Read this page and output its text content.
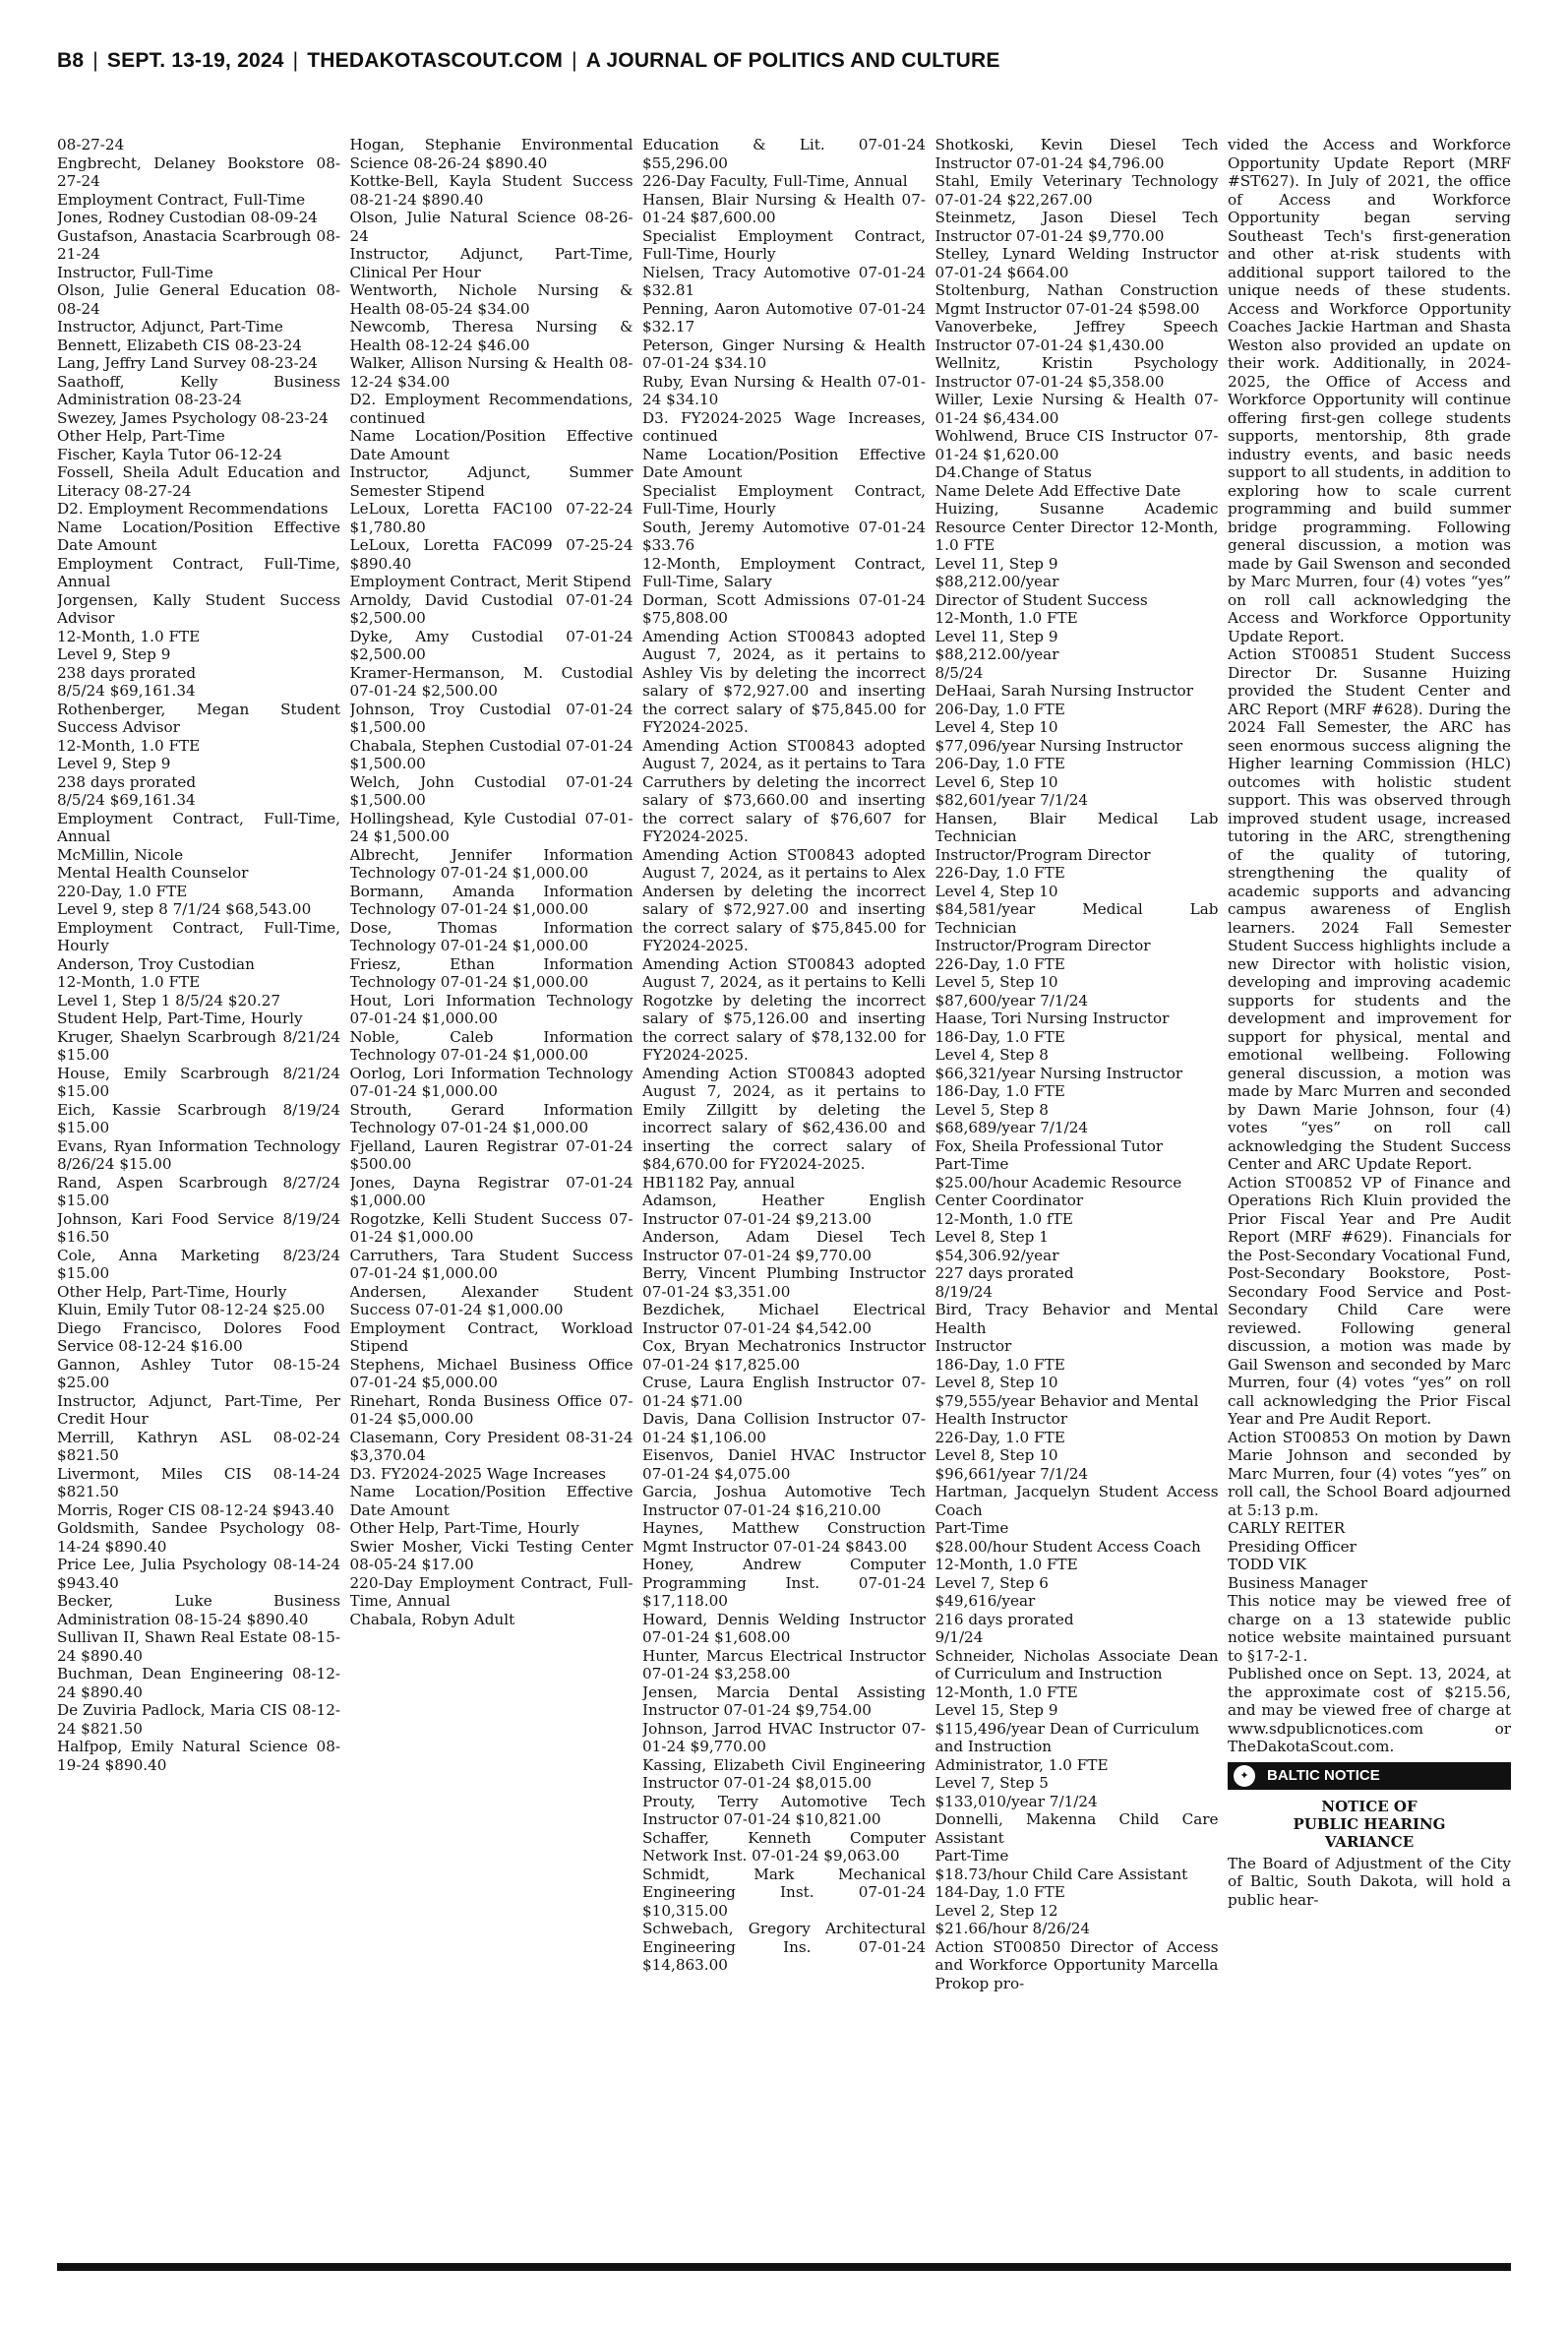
B8 | SEPT. 13-19, 2024 | THEDAKOTASCOUT.COM | A JOURNAL OF POLITICS AND CULTURE

08-27-24

Engbrecht, Delaney Bookstore 08-27-24

Employment Contract, Full-Time

Jones, Rodney Custodian 08-09-24

Gustafson, Anastacia Scarbrough 08-21-24

Instructor, Full-Time

Olson, Julie General Education 08-08-24

Instructor, Adjunct, Part-Time

Bennett, Elizabeth CIS 08-23-24

Lang, Jeffry Land Survey 08-23-24

Saathoff, Kelly Business Administration 08-23-24

Swezey, James Psychology 08-23-24

Other Help, Part-Time

Fischer, Kayla Tutor 06-12-24

Fossell, Sheila Adult Education and Literacy 08-27-24

D2. Employment Recommendations

Name Location/Position Effective Date Amount

Employment Contract, Full-Time, Annual

Jorgensen, Kally Student Success Advisor

12-Month, 1.0 FTE

Level 9, Step 9

238 days prorated

8/5/24 $69,161.34

Rothenberger, Megan Student Success Advisor

12-Month, 1.0 FTE

Level 9, Step 9

238 days prorated

8/5/24 $69,161.34

Employment Contract, Full-Time, Annual

McMillin, Nicole

Mental Health Counselor

220-Day, 1.0 FTE

Level 9, step 8 7/1/24 $68,543.00

Employment Contract, Full-Time, Hourly

Anderson, Troy Custodian

12-Month, 1.0 FTE

Level 1, Step 1 8/5/24 $20.27

Student Help, Part-Time, Hourly

Kruger, Shaelyn Scarbrough 8/21/24 $15.00

House, Emily Scarbrough 8/21/24 $15.00

Eich, Kassie Scarbrough 8/19/24 $15.00

Evans, Ryan Information Technology 8/26/24 $15.00

Rand, Aspen Scarbrough 8/27/24 $15.00

Johnson, Kari Food Service 8/19/24 $16.50

Cole, Anna Marketing 8/23/24 $15.00

Other Help, Part-Time, Hourly

Kluin, Emily Tutor 08-12-24 $25.00

Diego Francisco, Dolores Food Service 08-12-24 $16.00

Gannon, Ashley Tutor 08-15-24 $25.00

Instructor, Adjunct, Part-Time, Per Credit Hour

Merrill, Kathryn ASL 08-02-24 $821.50

Livermont, Miles CIS 08-14-24 $821.50

Morris, Roger CIS 08-12-24 $943.40

Goldsmith, Sandee Psychology 08-14-24 $890.40

Price Lee, Julia Psychology 08-14-24 $943.40

Becker, Luke Business Administration 08-15-24 $890.40

Sullivan II, Shawn Real Estate 08-15-24 $890.40

Buchman, Dean Engineering 08-12-24 $890.40

De Zuviria Padlock, Maria CIS 08-12-24 $821.50

Halfpop, Emily Natural Science 08-19-24 $890.40

Hogan, Stephanie Environmental Science 08-26-24 $890.40

Kottke-Bell, Kayla Student Success 08-21-24 $890.40

Olson, Julie Natural Science 08-26-24

Instructor, Adjunct, Part-Time, Clinical Per Hour

Wentworth, Nichole Nursing & Health 08-05-24 $34.00

Newcomb, Theresa Nursing & Health 08-12-24 $46.00

Walker, Allison Nursing & Health 08-12-24 $34.00

D2. Employment Recommendations, continued

Name Location/Position Effective Date Amount

Instructor, Adjunct, Summer Semester Stipend

LeLoux, Loretta FAC100 07-22-24 $1,780.80

LeLoux, Loretta FAC099 07-25-24 $890.40

Employment Contract, Merit Stipend

Arnoldy, David Custodial 07-01-24 $2,500.00

Dyke, Amy Custodial 07-01-24 $2,500.00

Kramer-Hermanson, M. Custodial 07-01-24 $2,500.00

Johnson, Troy Custodial 07-01-24 $1,500.00

Chabala, Stephen Custodial 07-01-24 $1,500.00

Welch, John Custodial 07-01-24 $1,500.00

Hollingshead, Kyle Custodial 07-01-24 $1,500.00

Albrecht, Jennifer Information Technology 07-01-24 $1,000.00

Bormann, Amanda Information Technology 07-01-24 $1,000.00

Dose, Thomas Information Technology 07-01-24 $1,000.00

Friesz, Ethan Information Technology 07-01-24 $1,000.00

Hout, Lori Information Technology 07-01-24 $1,000.00

Noble, Caleb Information Technology 07-01-24 $1,000.00

Oorlog, Lori Information Technology 07-01-24 $1,000.00

Strouth, Gerard Information Technology 07-01-24 $1,000.00

Fjelland, Lauren Registrar 07-01-24 $500.00

Jones, Dayna Registrar 07-01-24 $1,000.00

Rogotzke, Kelli Student Success 07-01-24 $1,000.00

Carruthers, Tara Student Success 07-01-24 $1,000.00

Andersen, Alexander Student Success 07-01-24 $1,000.00

Employment Contract, Workload Stipend

Stephens, Michael Business Office 07-01-24 $5,000.00

Rinehart, Ronda Business Office 07-01-24 $5,000.00

Clasemann, Cory President 08-31-24 $3,370.04

D3. FY2024-2025 Wage Increases

Name Location/Position Effective Date Amount

Other Help, Part-Time, Hourly

Swier Mosher, Vicki Testing Center 08-05-24 $17.00

220-Day Employment Contract, Full-Time, Annual

Chabala, Robyn Adult

Education & Lit. 07-01-24 $55,296.00

226-Day Faculty, Full-Time, Annual

Hansen, Blair Nursing & Health 07-01-24 $87,600.00

Specialist Employment Contract, Full-Time, Hourly

Nielsen, Tracy Automotive 07-01-24 $32.81

Penning, Aaron Automotive 07-01-24 $32.17

Peterson, Ginger Nursing & Health 07-01-24 $34.10

Ruby, Evan Nursing & Health 07-01-24 $34.10

D3. FY2024-2025 Wage Increases, continued

Name Location/Position Effective Date Amount

Specialist Employment Contract, Full-Time, Hourly

South, Jeremy Automotive 07-01-24 $33.76

12-Month, Employment Contract, Full-Time, Salary

Dorman, Scott Admissions 07-01-24 $75,808.00

Amending Action ST00843 adopted August 7, 2024, as it pertains to Ashley Vis by deleting the incorrect salary of $72,927.00 and inserting the correct salary of $75,845.00 for FY2024-2025.

Amending Action ST00843 adopted August 7, 2024, as it pertains to Tara Carruthers by deleting the incorrect salary of $73,660.00 and inserting the correct salary of $76,607 for FY2024-2025.

Amending Action ST00843 adopted August 7, 2024, as it pertains to Alex Andersen by deleting the incorrect salary of $72,927.00 and inserting the correct salary of $75,845.00 for FY2024-2025.

Amending Action ST00843 adopted August 7, 2024, as it pertains to Kelli Rogotzke by deleting the incorrect salary of $75,126.00 and inserting the correct salary of $78,132.00 for FY2024-2025.

Amending Action ST00843 adopted August 7, 2024, as it pertains to Emily Zillgitt by deleting the incorrect salary of $62,436.00 and inserting the correct salary of $84,670.00 for FY2024-2025.

HB1182 Pay, annual

Adamson, Heather English Instructor 07-01-24 $9,213.00

Anderson, Adam Diesel Tech Instructor 07-01-24 $9,770.00

Berry, Vincent Plumbing Instructor 07-01-24 $3,351.00

Bezdichek, Michael Electrical Instructor 07-01-24 $4,542.00

Cox, Bryan Mechatronics Instructor 07-01-24 $17,825.00

Cruse, Laura English Instructor 07-01-24 $71.00

Davis, Dana Collision Instructor 07-01-24 $1,106.00

Eisenvos, Daniel HVAC Instructor 07-01-24 $4,075.00

Garcia, Joshua Automotive Tech Instructor 07-01-24 $16,210.00

Haynes, Matthew Construction Mgmt Instructor 07-01-24 $843.00

Honey, Andrew Computer Programming Inst. 07-01-24 $17,118.00

Howard, Dennis Welding Instructor 07-01-24 $1,608.00

Hunter, Marcus Electrical Instructor 07-01-24 $3,258.00

Jensen, Marcia Dental Assisting Instructor 07-01-24 $9,754.00

Johnson, Jarrod HVAC Instructor 07-01-24 $9,770.00

Kassing, Elizabeth Civil Engineering Instructor 07-01-24 $8,015.00

Prouty, Terry Automotive Tech Instructor 07-01-24 $10,821.00

Schaffer, Kenneth Computer Network Inst. 07-01-24 $9,063.00

Schmidt, Mark Mechanical Engineering Inst. 07-01-24 $10,315.00

Schwebach, Gregory Architectural Engineering Ins. 07-01-24 $14,863.00

Shotkoski, Kevin Diesel Tech Instructor 07-01-24 $4,796.00

Stahl, Emily Veterinary Technology 07-01-24 $22,267.00

Steinmetz, Jason Diesel Tech Instructor 07-01-24 $9,770.00

Stelley, Lynard Welding Instructor 07-01-24 $664.00

Stoltenburg, Nathan Construction Mgmt Instructor 07-01-24 $598.00

Vanoverbeke, Jeffrey Speech Instructor 07-01-24 $1,430.00

Wellnitz, Kristin Psychology Instructor 07-01-24 $5,358.00

Willer, Lexie Nursing & Health 07-01-24 $6,434.00

Wohlwend, Bruce CIS Instructor 07-01-24 $1,620.00

D4.Change of Status

Name Delete Add Effective Date

Huizing, Susanne Academic Resource Center Director 12-Month, 1.0 FTE

Level 11, Step 9

$88,212.00/year

Director of Student Success

12-Month, 1.0 FTE

Level 11, Step 9

$88,212.00/year

8/5/24

DeHaai, Sarah Nursing Instructor

206-Day, 1.0 FTE

Level 4, Step 10

$77,096/year Nursing Instructor

206-Day, 1.0 FTE

Level 6, Step 10

$82,601/year 7/1/24

Hansen, Blair Medical Lab Technician

Instructor/Program Director

226-Day, 1.0 FTE

Level 4, Step 10

$84,581/year Medical Lab Technician

Instructor/Program Director

226-Day, 1.0 FTE

Level 5, Step 10

$87,600/year 7/1/24

Haase, Tori Nursing Instructor

186-Day, 1.0 FTE

Level 4, Step 8

$66,321/year Nursing Instructor

186-Day, 1.0 FTE

Level 5, Step 8

$68,689/year 7/1/24

Fox, Sheila Professional Tutor

Part-Time

$25.00/hour Academic Resource

Center Coordinator

12-Month, 1.0 fTE

Level 8, Step 1

$54,306.92/year

227 days prorated

8/19/24

Bird, Tracy Behavior and Mental Health

Instructor

186-Day, 1.0 FTE

Level 8, Step 10

$79,555/year Behavior and Mental

Health Instructor

226-Day, 1.0 FTE

Level 8, Step 10

$96,661/year 7/1/24

Hartman, Jacquelyn Student Access Coach

Part-Time

$28.00/hour Student Access Coach

12-Month, 1.0 FTE

Level 7, Step 6

$49,616/year

216 days prorated

9/1/24

Schneider, Nicholas Associate Dean of Curriculum and Instruction

12-Month, 1.0 FTE

Level 15, Step 9

$115,496/year Dean of Curriculum

and Instruction

Administrator, 1.0 FTE

Level 7, Step 5

$133,010/year 7/1/24

Donnelli, Makenna Child Care Assistant

Part-Time

$18.73/hour Child Care Assistant

184-Day, 1.0 FTE

Level 2, Step 12

$21.66/hour 8/26/24

Action ST00850 Director of Access and Workforce Opportunity Marcella Prokop pro-

vided the Access and Workforce Opportunity Update Report (MRF #ST627). In July of 2021, the office of Access and Workforce Opportunity began serving Southeast Tech's first-generation and other at-risk students with additional support tailored to the unique needs of these students. Access and Workforce Opportunity Coaches Jackie Hartman and Shasta Weston also provided an update on their work. Additionally, in 2024-2025, the Office of Access and Workforce Opportunity will continue offering first-gen college students supports, mentorship, 8th grade industry events, and basic needs support to all students, in addition to exploring how to scale current programming and build summer bridge programming. Following general discussion, a motion was made by Gail Swenson and seconded by Marc Murren, four (4) votes “yes” on roll call acknowledging the Access and Workforce Opportunity Update Report.

Action ST00851 Student Success Director Dr. Susanne Huizing provided the Student Center and ARC Report (MRF #628). During the 2024 Fall Semester, the ARC has seen enormous success aligning the Higher learning Commission (HLC) outcomes with holistic student support. This was observed through improved student usage, increased tutoring in the ARC, strengthening of the quality of tutoring, strengthening the quality of academic supports and advancing campus awareness of English learners. 2024 Fall Semester Student Success highlights include a new Director with holistic vision, developing and improving academic supports for students and the development and improvement for support for physical, mental and emotional wellbeing. Following general discussion, a motion was made by Marc Murren and seconded by Dawn Marie Johnson, four (4) votes “yes” on roll call acknowledging the Student Success Center and ARC Update Report.

Action ST00852 VP of Finance and Operations Rich Kluin provided the Prior Fiscal Year and Pre Audit Report (MRF #629). Financials for the Post-Secondary Vocational Fund, Post-Secondary Bookstore, Post-Secondary Food Service and Post-Secondary Child Care were reviewed. Following general discussion, a motion was made by Gail Swenson and seconded by Marc Murren, four (4) votes “yes” on roll call acknowledging the Prior Fiscal Year and Pre Audit Report.

Action ST00853 On motion by Dawn Marie Johnson and seconded by Marc Murren, four (4) votes “yes” on roll call, the School Board adjourned at 5:13 p.m.

CARLY REITER

Presiding Officer

TODD VIK

Business Manager

This notice may be viewed free of charge on a 13 statewide public notice website maintained pursuant to §17-2-1.

Published once on Sept. 13, 2024, at the approximate cost of $215.56, and may be viewed free of charge at www.sdpublicnotices.com or TheDakotaScout.com.

✦	BALTIC NOTICE
NOTICE OF
PUBLIC HEARING
VARIANCE

The Board of Adjustment of the City of Baltic, South Dakota, will hold a public hear-
